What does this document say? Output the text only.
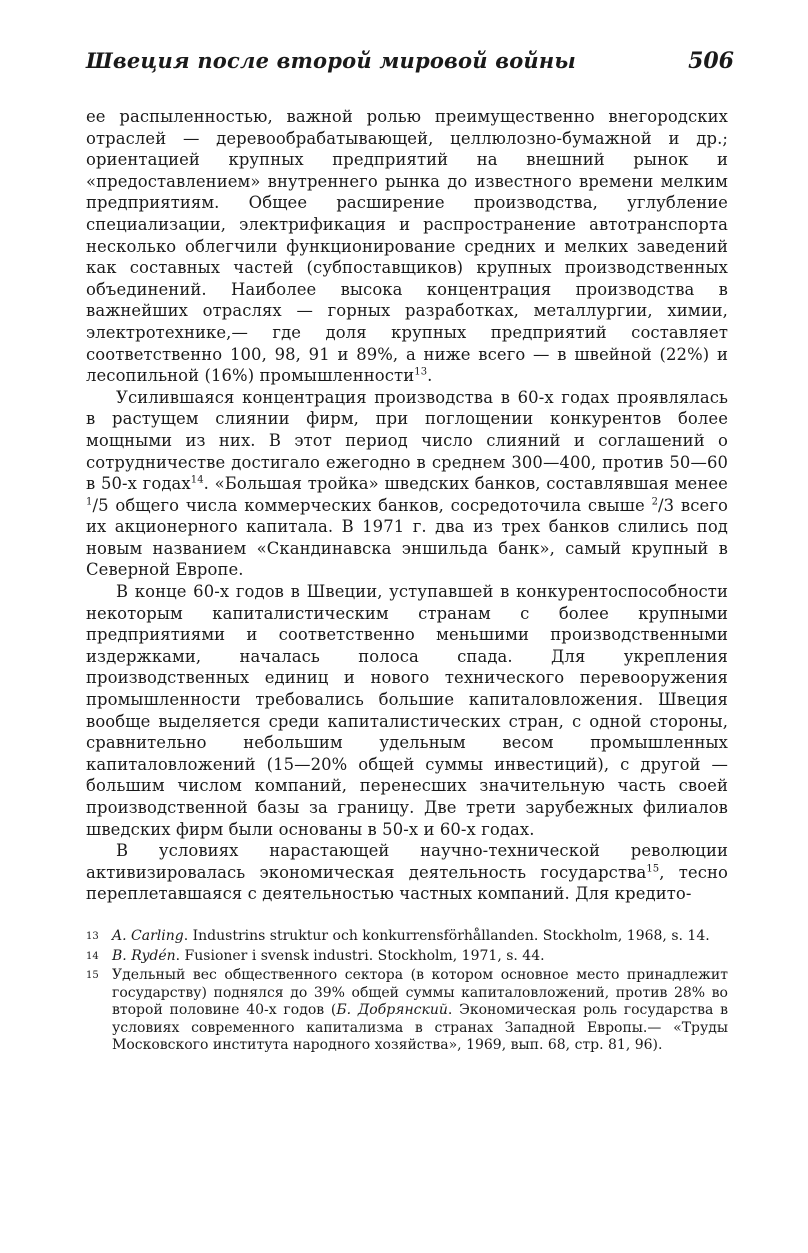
Швеция после второй мировой войны	506

ее распыленностью, важной ролью преимущественно внегородских отраслей — деревообрабатывающей, целлюлозно-бумажной и др.; ориентацией крупных предприятий на внешний рынок и «предоставлением» внутреннего рынка до известного времени мелким предприятиям. Общее расширение производства, углубление специализации, электрификация и распространение автотранспорта несколько облегчили функционирование средних и мелких заведений как составных частей (субпоставщиков) крупных производственных объединений. Наиболее высока концентрация производства в важнейших отраслях — горных разработках, металлургии, химии, электротехнике,— где доля крупных предприятий составляет соответственно 100, 98, 91 и 89%, а ниже всего — в швейной (22%) и лесопильной (16%) промышленности$^{13}$.

Усилившаяся концентрация производства в 60-х годах проявлялась в растущем слиянии фирм, при поглощении конкурентов более мощными из них. В этот период число слияний и соглашений о сотрудничестве достигало ежегодно в среднем 300—400, против 50—60 в 50-х годах$^{14}$. «Большая тройка» шведских банков, составлявшая менее $^1$/5 общего числа коммерческих банков, сосредоточила свыше $^2$/3 всего их акционерного капитала. В 1971 г. два из трех банков слились под новым названием «Скандинавска эншильда банк», самый крупный в Северной Европе.

В конце 60-х годов в Швеции, уступавшей в конкурентоспособности некоторым капиталистическим странам с более крупными предприятиями и соответственно меньшими производственными издержками, началась полоса спада. Для укрепления производственных единиц и нового технического перевооружения промышленности требовались большие капиталовложения. Швеция вообще выделяется среди капиталистических стран, с одной стороны, сравнительно небольшим удельным весом промышленных капиталовложений (15—20% общей суммы инвестиций), с другой — большим числом компаний, перенесших значительную часть своей производственной базы за границу. Две трети зарубежных филиалов шведских фирм были основаны в 50-х и 60-х годах.

В условиях нарастающей научно-технической революции активизировалась экономическая деятельность государства$^{15}$, тесно переплетавшаяся с деятельностью частных компаний. Для кредито-

13 A. Carling. Industrins struktur och konkurrensförhållanden. Stockholm, 1968, s. 14.
14 B. Rydén. Fusioner i svensk industri. Stockholm, 1971, s. 44.
15 Удельный вес общественного сектора (в котором основное место принадлежит государству) поднялся до 39% общей суммы капиталовложений, против 28% во второй половине 40-х годов (Б. Добрянский. Экономическая роль государства в условиях современного капитализма в странах Западной Европы.— «Труды Московского института народного хозяйства», 1969, вып. 68, стр. 81, 96).
